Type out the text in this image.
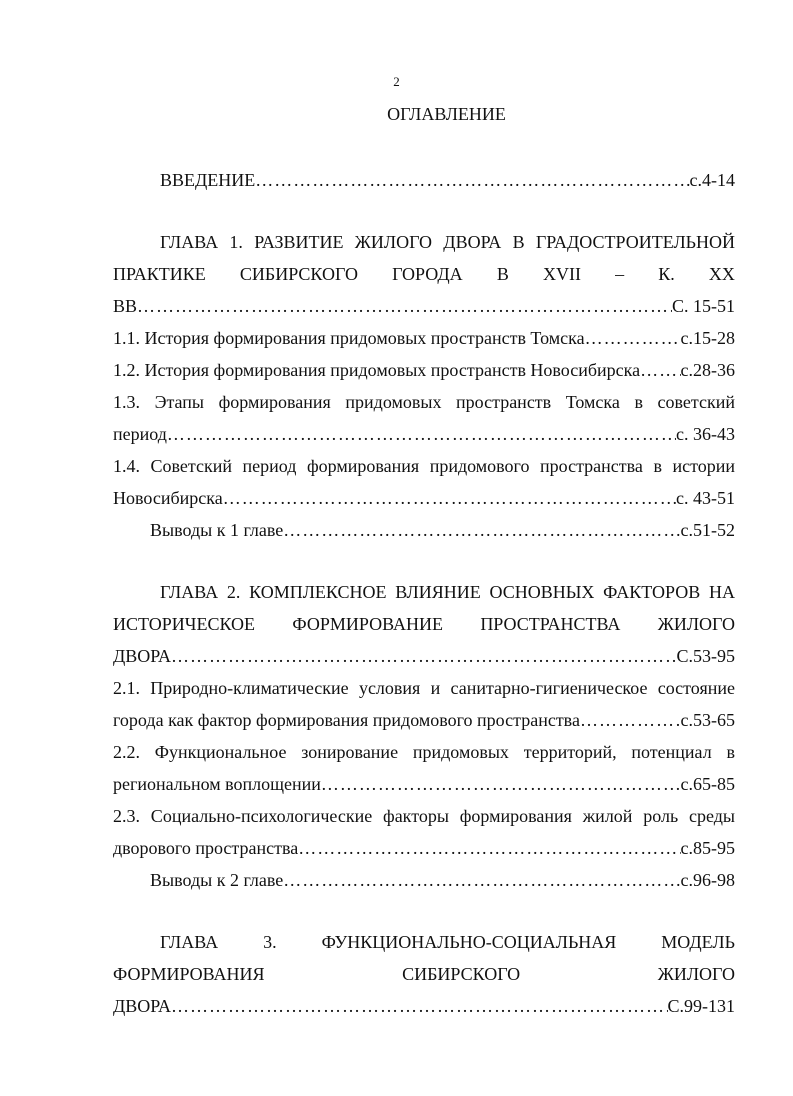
2
ОГЛАВЛЕНИЕ
ВВЕДЕНИЕ ……………………………………………………………………………………………………………………………………………………………	с.4-14
ГЛАВА 1. РАЗВИТИЕ ЖИЛОГО ДВОРА В ГРАДОСТРОИТЕЛЬНОЙ
ПРАКТИКЕ СИБИРСКОГО ГОРОДА В XVII – К. XX
ВВ ……………………………………………………………………………………………………………………………………………………………	С. 15-51
1.1. История формирования придомовых пространств Томска ……………………………………………………………………………………………………………………………………………………………	с.15-28
1.2. История формирования придомовых пространств Новосибирска …………………………………………………………………………………………………………………………………………………………… с.28-36
1.3. Этапы формирования придомовых пространств Томска в советский
период ……………………………………………………………………………………………………………………………………………………………	с. 36-43
1.4. Советский период формирования придомового пространства в истории
Новосибирска ……………………………………………………………………………………………………………………………………………………………	с. 43-51
Выводы к 1 главе ……………………………………………………………………………………………………………………………………………………………	с.51-52
ГЛАВА 2. КОМПЛЕКСНОЕ ВЛИЯНИЕ ОСНОВНЫХ ФАКТОРОВ НА
ИСТОРИЧЕСКОЕ ФОРМИРОВАНИЕ ПРОСТРАНСТВА ЖИЛОГО
ДВОРА ……………………………………………………………………………………………………………………………………………………………	С.53-95
2.1. Природно-климатические условия и санитарно-гигиеническое состояние
города как фактор формирования придомового пространства ……………………………………………………………………………………………………………………………………………………………	с.53-65
2.2. Функциональное зонирование придомовых территорий, потенциал в
региональном воплощении ……………………………………………………………………………………………………………………………………………………………	с.65-85
2.3. Социально-психологические факторы формирования жилой роль среды
дворового пространства ……………………………………………………………………………………………………………………………………………………………	с.85-95
Выводы к 2 главе ……………………………………………………………………………………………………………………………………………………………	с.96-98
ГЛАВА 3. ФУНКЦИОНАЛЬНО-СОЦИАЛЬНАЯ МОДЕЛЬ
ФОРМИРОВАНИЯ	СИБИРСКОГО	ЖИЛОГО
ДВОРА ……………………………………………………………………………………………………………………………………………………………	С.99-131
